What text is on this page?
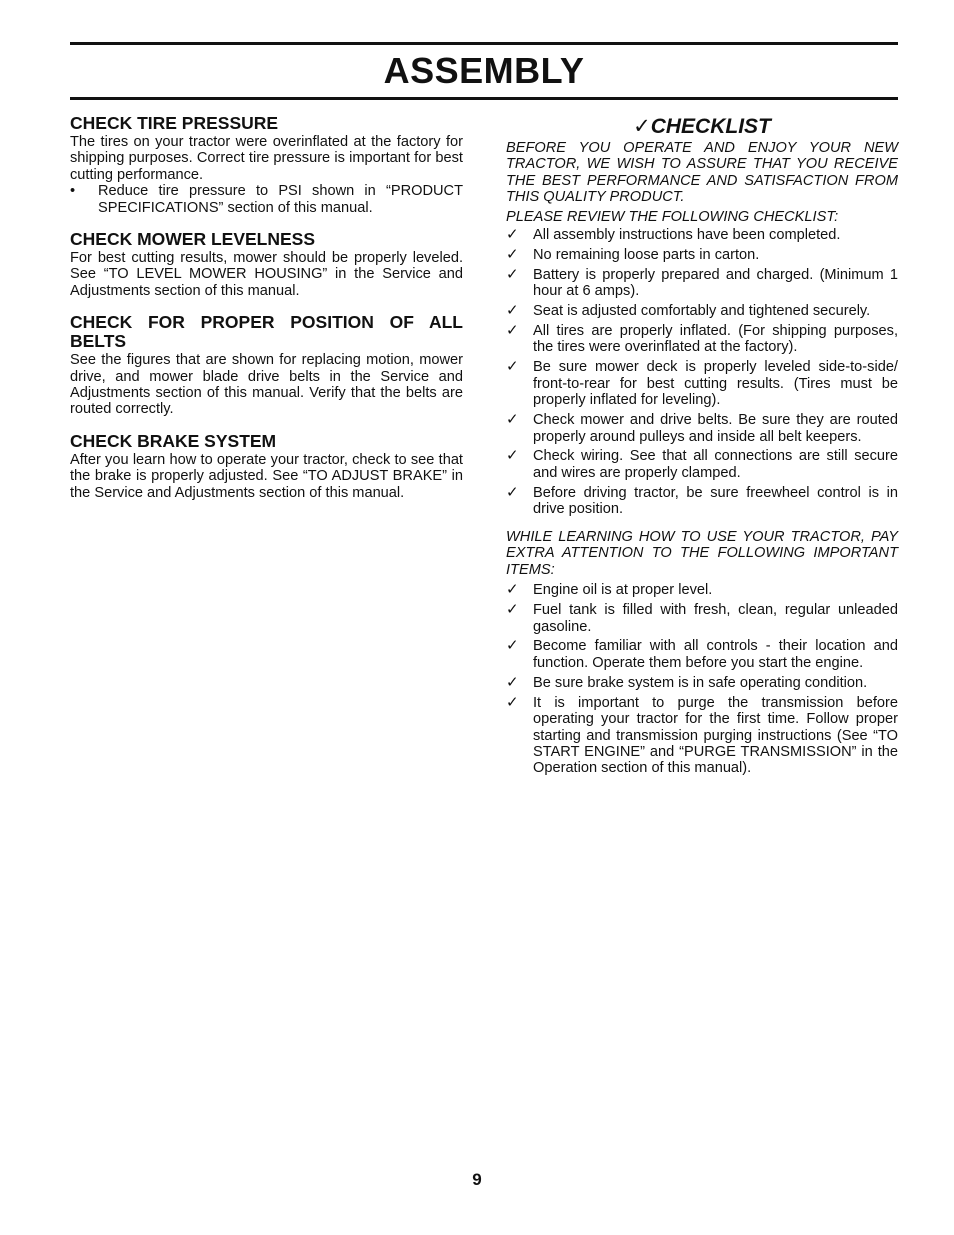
ASSEMBLY
CHECK TIRE PRESSURE

The tires on your tractor were overinflated at the factory for shipping purposes. Correct tire pressure is important for best cutting performance.

•	Reduce tire pressure to PSI shown in “PRODUCT SPECIFICATIONS” section of this manual.
CHECK MOWER LEVELNESS

For best cutting results, mower should be properly leveled. See “TO LEVEL MOWER HOUSING” in the Service and Adjustments section of this manual.

CHECK FOR PROPER POSITION OF ALL BELTS

See the figures that are shown for replacing motion, mower drive, and mower blade drive belts in the Service and Adjustments section of this manual. Verify that the belts are routed correctly.

CHECK BRAKE SYSTEM

After you learn how to operate your tractor, check to see that the brake is properly adjusted. See “TO ADJUST BRAKE” in the Service and Adjustments section of this manual.

✓CHECKLIST

BEFORE YOU OPERATE AND ENJOY YOUR NEW TRACTOR, WE WISH TO ASSURE THAT YOU RECEIVE THE BEST PERFORMANCE AND SATISFACTION FROM THIS QUALITY PRODUCT.

PLEASE REVIEW THE FOLLOWING CHECKLIST:

✓ All assembly instructions have been completed.
✓ No remaining loose parts in carton.
✓ Battery is properly prepared and charged. (Minimum 1 hour at 6 amps).
✓ Seat is adjusted comfortably and tightened securely.
✓ All tires are properly inflated. (For shipping purposes, the tires were overinflated at the factory).
✓ Be sure mower deck is properly leveled side-to-side/ front-to-rear for best cutting results. (Tires must be properly inflated for leveling).
✓ Check mower and drive belts. Be sure they are routed properly around pulleys and inside all belt keepers.
✓ Check wiring. See that all connections are still secure and wires are properly clamped.
✓ Before driving tractor, be sure freewheel control is in drive position.

WHILE LEARNING HOW TO USE YOUR TRACTOR, PAY EXTRA ATTENTION TO THE FOLLOWING IMPORTANT ITEMS:

✓ Engine oil is at proper level.
✓ Fuel tank is filled with fresh, clean, regular unleaded gasoline.
✓ Become familiar with all controls - their location and function. Operate them before you start the engine.
✓ Be sure brake system is in safe operating condition.
✓ It is important to purge the transmission before operating your tractor for the first time. Follow proper starting and transmission purging instructions (See “TO START ENGINE” and “PURGE TRANSMISSION” in the Operation section of this manual).
9
